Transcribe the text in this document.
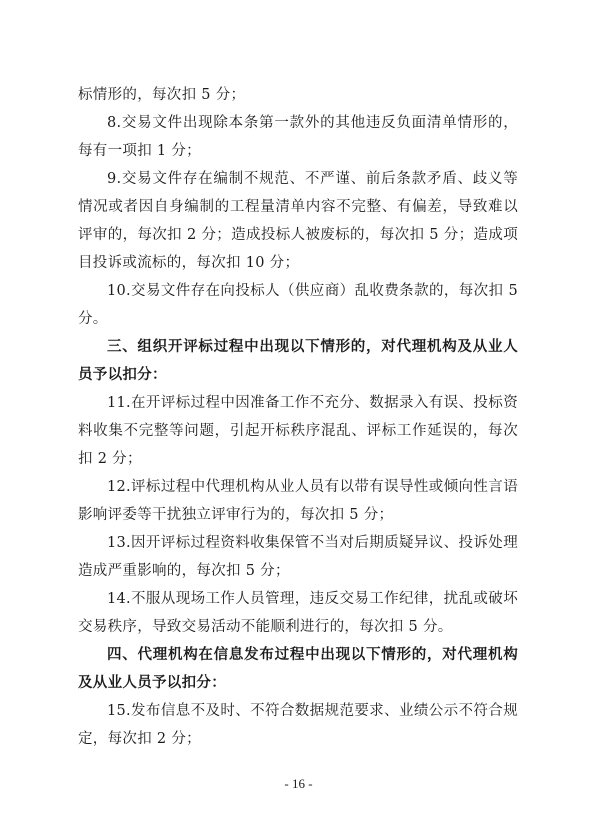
标情形的，每次扣 5 分；

8.交易文件出现除本条第一款外的其他违反负面清单情形的，每有一项扣 1 分；

9.交易文件存在编制不规范、不严谨、前后条款矛盾、歧义等情况或者因自身编制的工程量清单内容不完整、有偏差，导致难以评审的，每次扣 2 分；造成投标人被废标的，每次扣 5 分；造成项目投诉或流标的，每次扣 10 分；

10.交易文件存在向投标人（供应商）乱收费条款的，每次扣 5 分。

三、组织开评标过程中出现以下情形的，对代理机构及从业人员予以扣分：

11.在开评标过程中因准备工作不充分、数据录入有误、投标资料收集不完整等问题，引起开标秩序混乱、评标工作延误的，每次扣 2 分；

12.评标过程中代理机构从业人员有以带有误导性或倾向性言语影响评委等干扰独立评审行为的，每次扣 5 分；

13.因开评标过程资料收集保管不当对后期质疑异议、投诉处理造成严重影响的，每次扣 5 分；

14.不服从现场工作人员管理，违反交易工作纪律，扰乱或破坏交易秩序，导致交易活动不能顺利进行的，每次扣 5 分。

四、代理机构在信息发布过程中出现以下情形的，对代理机构及从业人员予以扣分：

15.发布信息不及时、不符合数据规范要求、业绩公示不符合规定，每次扣 2 分；

- 16 -
